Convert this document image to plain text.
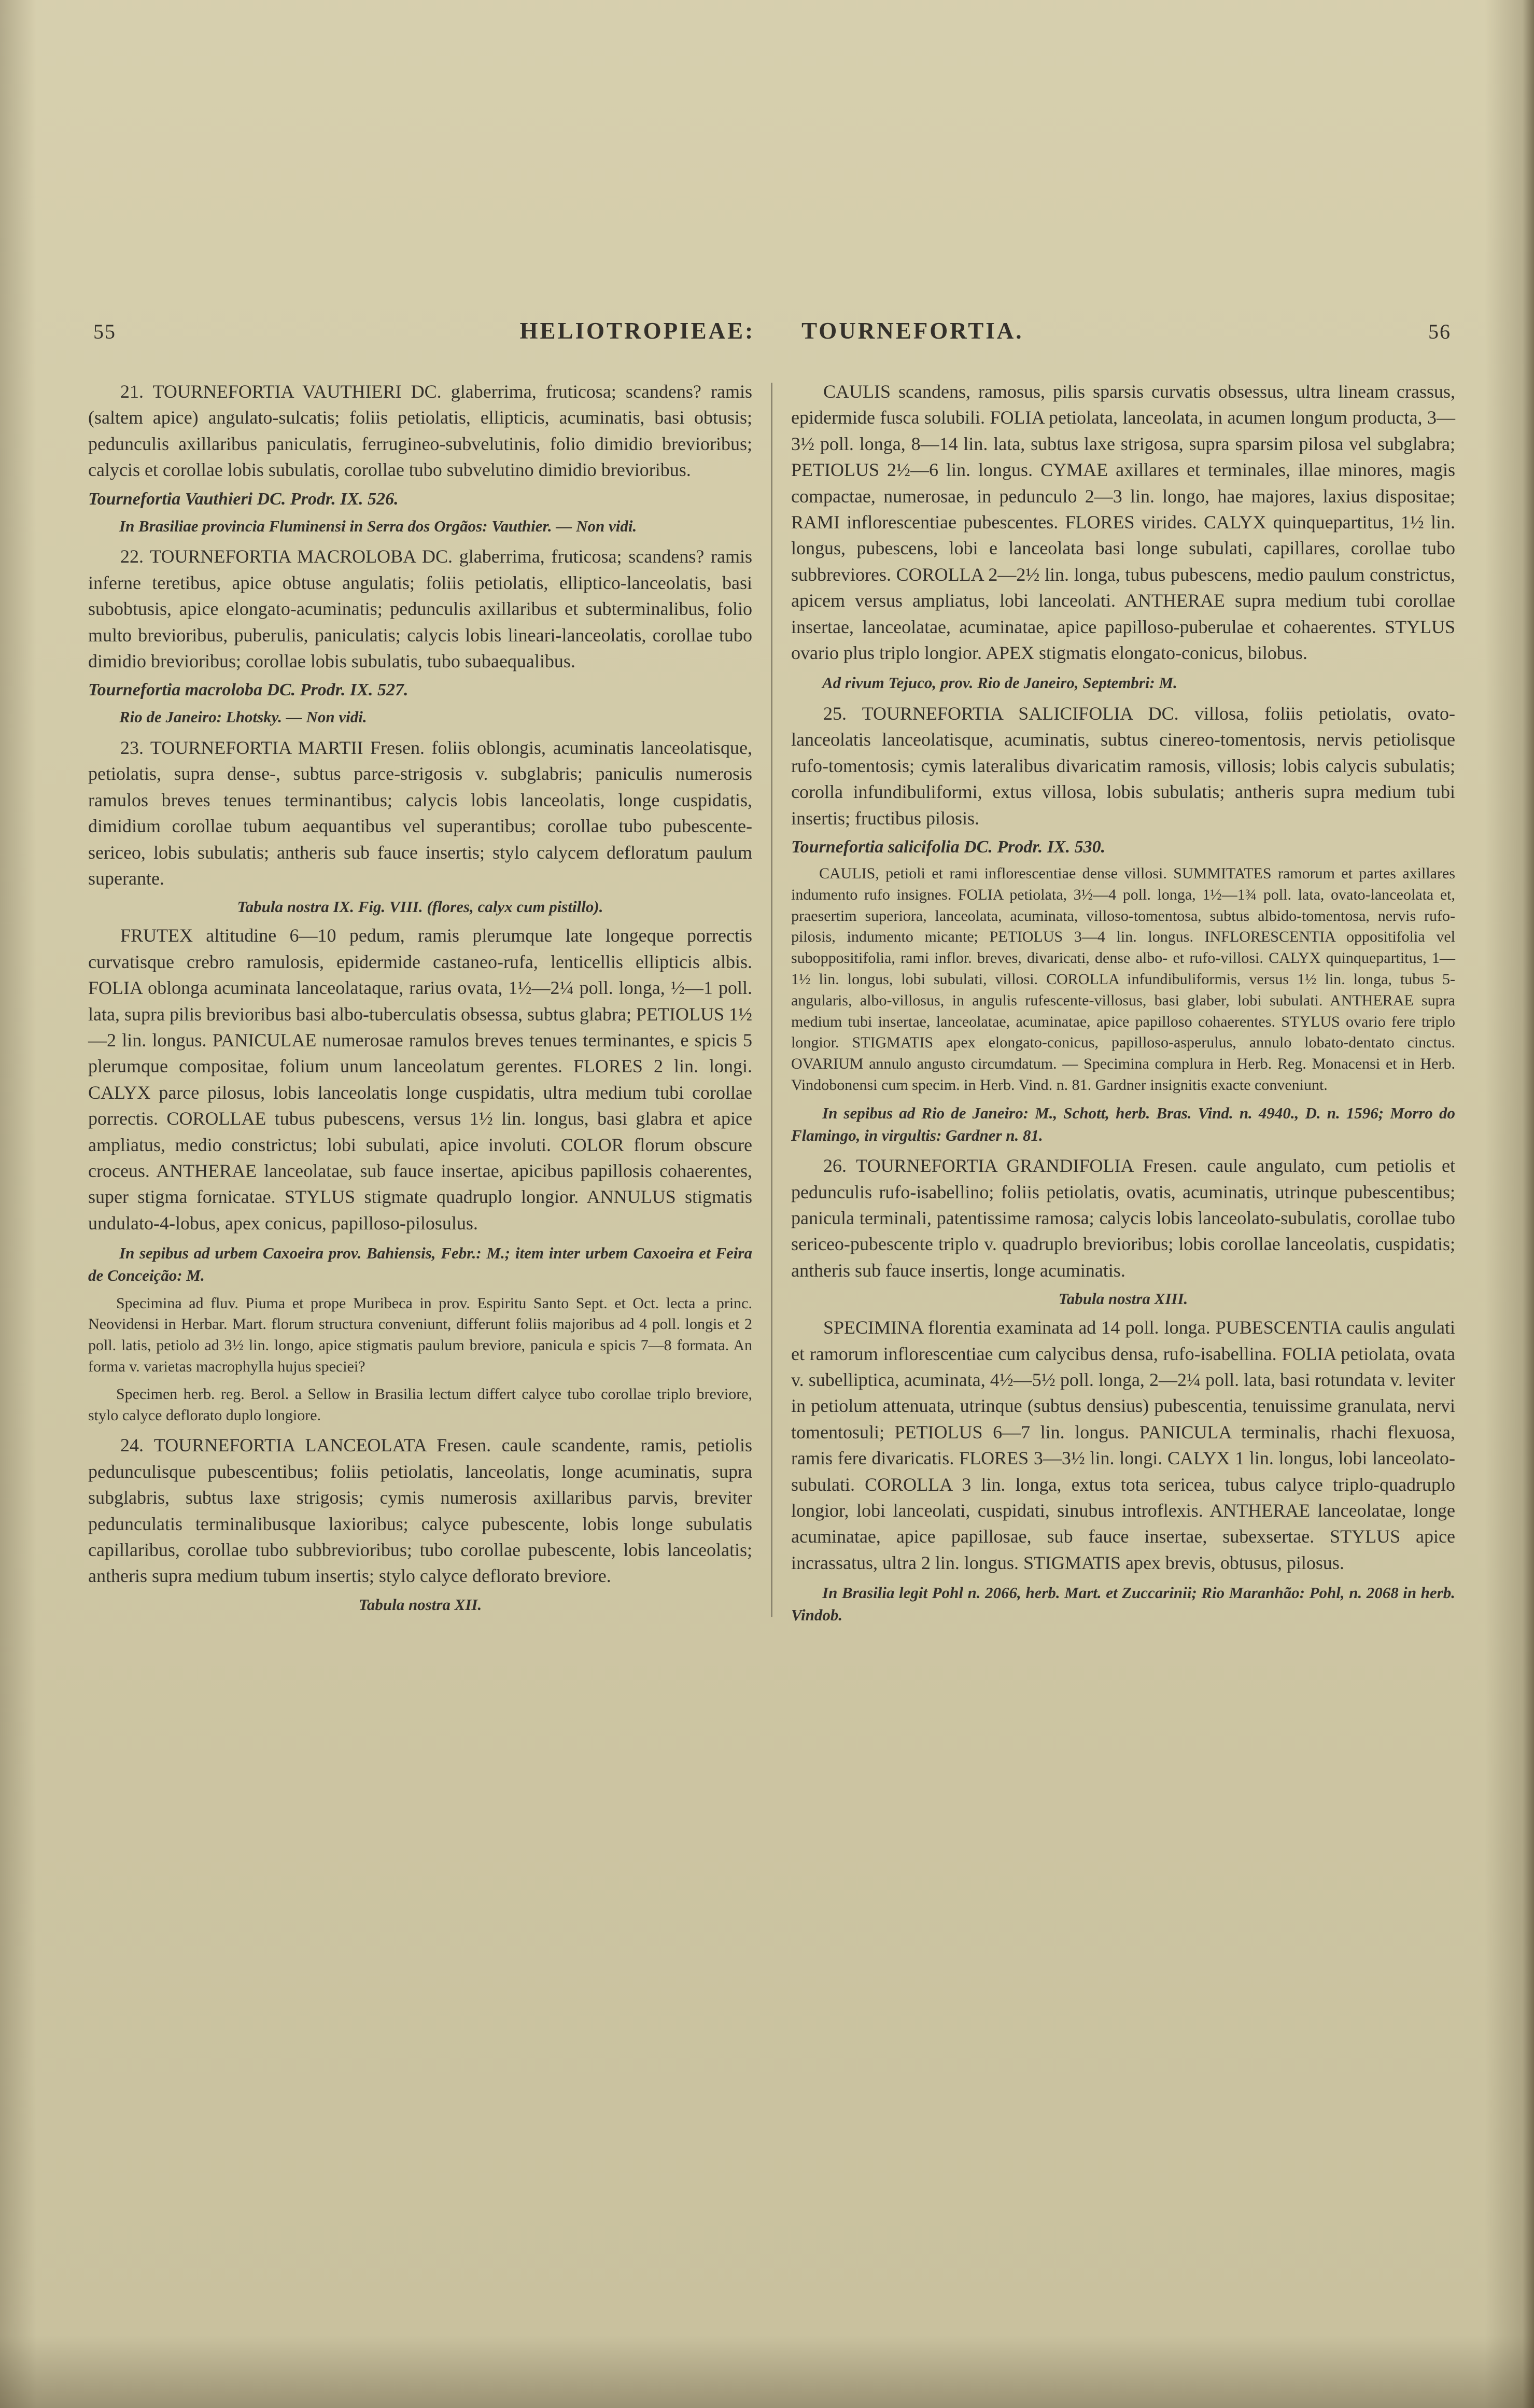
55	HELIOTROPIEAE: TOURNEFORTIA.	56

21. TOURNEFORTIA VAUTHIERI DC. glaberrima, fruticosa; scandens? ramis (saltem apice) angulato-sulcatis; foliis petiolatis, ellipticis, acuminatis, basi obtusis; pedunculis axillaribus paniculatis, ferrugineo-subvelutinis, folio dimidio brevioribus; calycis et corollae lobis subulatis, corollae tubo subvelutino dimidio brevioribus.

Tournefortia Vauthieri DC. Prodr. IX. 526.

In Brasiliae provincia Fluminensi in Serra dos Orgãos: Vauthier. — Non vidi.

22. TOURNEFORTIA MACROLOBA DC. glaberrima, fruticosa; scandens? ramis inferne teretibus, apice obtuse angulatis; foliis petiolatis, elliptico-lanceolatis, basi subobtusis, apice elongato-acuminatis; pedunculis axillaribus et subterminalibus, folio multo brevioribus, puberulis, paniculatis; calycis lobis lineari-lanceolatis, corollae tubo dimidio brevioribus; corollae lobis subulatis, tubo subaequalibus.

Tournefortia macroloba DC. Prodr. IX. 527.

Rio de Janeiro: Lhotsky. — Non vidi.

23. TOURNEFORTIA MARTII Fresen. foliis oblongis, acuminatis lanceolatisque, petiolatis, supra dense-, subtus parce-strigosis v. subglabris; paniculis numerosis ramulos breves tenues terminantibus; calycis lobis lanceolatis, longe cuspidatis, dimidium corollae tubum aequantibus vel superantibus; corollae tubo pubescente-sericeo, lobis subulatis; antheris sub fauce insertis; stylo calycem defloratum paulum superante.

Tabula nostra IX. Fig. VIII. (flores, calyx cum pistillo).

FRUTEX altitudine 6—10 pedum, ramis plerumque late longeque porrectis curvatisque crebro ramulosis, epidermide castaneo-rufa, lenticellis ellipticis albis. FOLIA oblonga acuminata lanceolataque, rarius ovata, 1½—2¼ poll. longa, ½—1 poll. lata, supra pilis brevioribus basi albo-tuberculatis obsessa, subtus glabra; PETIOLUS 1½—2 lin. longus. PANICULAE numerosae ramulos breves tenues terminantes, e spicis 5 plerumque compositae, folium unum lanceolatum gerentes. FLORES 2 lin. longi. CALYX parce pilosus, lobis lanceolatis longe cuspidatis, ultra medium tubi corollae porrectis. COROLLAE tubus pubescens, versus 1½ lin. longus, basi glabra et apice ampliatus, medio constrictus; lobi subulati, apice involuti. COLOR florum obscure croceus. ANTHERAE lanceolatae, sub fauce insertae, apicibus papillosis cohaerentes, super stigma fornicatae. STYLUS stigmate quadruplo longior. ANNULUS stigmatis undulato-4-lobus, apex conicus, papilloso-pilosulus.

In sepibus ad urbem Caxoeira prov. Bahiensis, Febr.: M.; item inter urbem Caxoeira et Feira de Conceição: M.

Specimina ad fluv. Piuma et prope Muribeca in prov. Espiritu Santo Sept. et Oct. lecta a princ. Neovidensi in Herbar. Mart. florum structura conveniunt, differunt foliis majoribus ad 4 poll. longis et 2 poll. latis, petiolo ad 3½ lin. longo, apice stigmatis paulum breviore, panicula e spicis 7—8 formata. An forma v. varietas macrophylla hujus speciei?

Specimen herb. reg. Berol. a Sellow in Brasilia lectum differt calyce tubo corollae triplo breviore, stylo calyce deflorato duplo longiore.

24. TOURNEFORTIA LANCEOLATA Fresen. caule scandente, ramis, petiolis pedunculisque pubescentibus; foliis petiolatis, lanceolatis, longe acuminatis, supra subglabris, subtus laxe strigosis; cymis numerosis axillaribus parvis, breviter pedunculatis terminalibusque laxioribus; calyce pubescente, lobis longe subulatis capillaribus, corollae tubo subbrevioribus; tubo corollae pubescente, lobis lanceolatis; antheris supra medium tubum insertis; stylo calyce deflorato breviore.

Tabula nostra XII.

CAULIS scandens, ramosus, pilis sparsis curvatis obsessus, ultra lineam crassus, epidermide fusca solubili. FOLIA petiolata, lanceolata, in acumen longum producta, 3—3½ poll. longa, 8—14 lin. lata, subtus laxe strigosa, supra sparsim pilosa vel subglabra; PETIOLUS 2½—6 lin. longus. CYMAE axillares et terminales, illae minores, magis compactae, numerosae, in pedunculo 2—3 lin. longo, hae majores, laxius dispositae; RAMI inflorescentiae pubescentes. FLORES virides. CALYX quinquepartitus, 1½ lin. longus, pubescens, lobi e lanceolata basi longe subulati, capillares, corollae tubo subbreviores. COROLLA 2—2½ lin. longa, tubus pubescens, medio paulum constrictus, apicem versus ampliatus, lobi lanceolati. ANTHERAE supra medium tubi corollae insertae, lanceolatae, acuminatae, apice papilloso-puberulae et cohaerentes. STYLUS ovario plus triplo longior. APEX stigmatis elongato-conicus, bilobus.

Ad rivum Tejuco, prov. Rio de Janeiro, Septembri: M.

25. TOURNEFORTIA SALICIFOLIA DC. villosa, foliis petiolatis, ovato-lanceolatis lanceolatisque, acuminatis, subtus cinereo-tomentosis, nervis petiolisque rufo-tomentosis; cymis lateralibus divaricatim ramosis, villosis; lobis calycis subulatis; corolla infundibuliformi, extus villosa, lobis subulatis; antheris supra medium tubi insertis; fructibus pilosis.

Tournefortia salicifolia DC. Prodr. IX. 530.

CAULIS, petioli et rami inflorescentiae dense villosi. SUMMITATES ramorum et partes axillares indumento rufo insignes. FOLIA petiolata, 3½—4 poll. longa, 1½—1¾ poll. lata, ovato-lanceolata et, praesertim superiora, lanceolata, acuminata, villoso-tomentosa, subtus albido-tomentosa, nervis rufo-pilosis, indumento micante; PETIOLUS 3—4 lin. longus. INFLORESCENTIA oppositifolia vel suboppositifolia, rami inflor. breves, divaricati, dense albo- et rufo-villosi. CALYX quinquepartitus, 1—1½ lin. longus, lobi subulati, villosi. COROLLA infundibuliformis, versus 1½ lin. longa, tubus 5-angularis, albo-villosus, in angulis rufescente-villosus, basi glaber, lobi subulati. ANTHERAE supra medium tubi insertae, lanceolatae, acuminatae, apice papilloso cohaerentes. STYLUS ovario fere triplo longior. STIGMATIS apex elongato-conicus, papilloso-asperulus, annulo lobato-dentato cinctus. OVARIUM annulo angusto circumdatum. — Specimina complura in Herb. Reg. Monacensi et in Herb. Vindobonensi cum specim. in Herb. Vind. n. 81. Gardner insignitis exacte conveniunt.

In sepibus ad Rio de Janeiro: M., Schott, herb. Bras. Vind. n. 4940., D. n. 1596; Morro do Flamingo, in virgultis: Gardner n. 81.

26. TOURNEFORTIA GRANDIFOLIA Fresen. caule angulato, cum petiolis et pedunculis rufo-isabellino; foliis petiolatis, ovatis, acuminatis, utrinque pubescentibus; panicula terminali, patentissime ramosa; calycis lobis lanceolato-subulatis, corollae tubo sericeo-pubescente triplo v. quadruplo brevioribus; lobis corollae lanceolatis, cuspidatis; antheris sub fauce insertis, longe acuminatis.

Tabula nostra XIII.

SPECIMINA florentia examinata ad 14 poll. longa. PUBESCENTIA caulis angulati et ramorum inflorescentiae cum calycibus densa, rufo-isabellina. FOLIA petiolata, ovata v. subelliptica, acuminata, 4½—5½ poll. longa, 2—2¼ poll. lata, basi rotundata v. leviter in petiolum attenuata, utrinque (subtus densius) pubescentia, tenuissime granulata, nervi tomentosuli; PETIOLUS 6—7 lin. longus. PANICULA terminalis, rhachi flexuosa, ramis fere divaricatis. FLORES 3—3½ lin. longi. CALYX 1 lin. longus, lobi lanceolato-subulati. COROLLA 3 lin. longa, extus tota sericea, tubus calyce triplo-quadruplo longior, lobi lanceolati, cuspidati, sinubus introflexis. ANTHERAE lanceolatae, longe acuminatae, apice papillosae, sub fauce insertae, subexsertae. STYLUS apice incrassatus, ultra 2 lin. longus. STIGMATIS apex brevis, obtusus, pilosus.

In Brasilia legit Pohl n. 2066, herb. Mart. et Zuccarinii; Rio Maranhão: Pohl, n. 2068 in herb. Vindob.
